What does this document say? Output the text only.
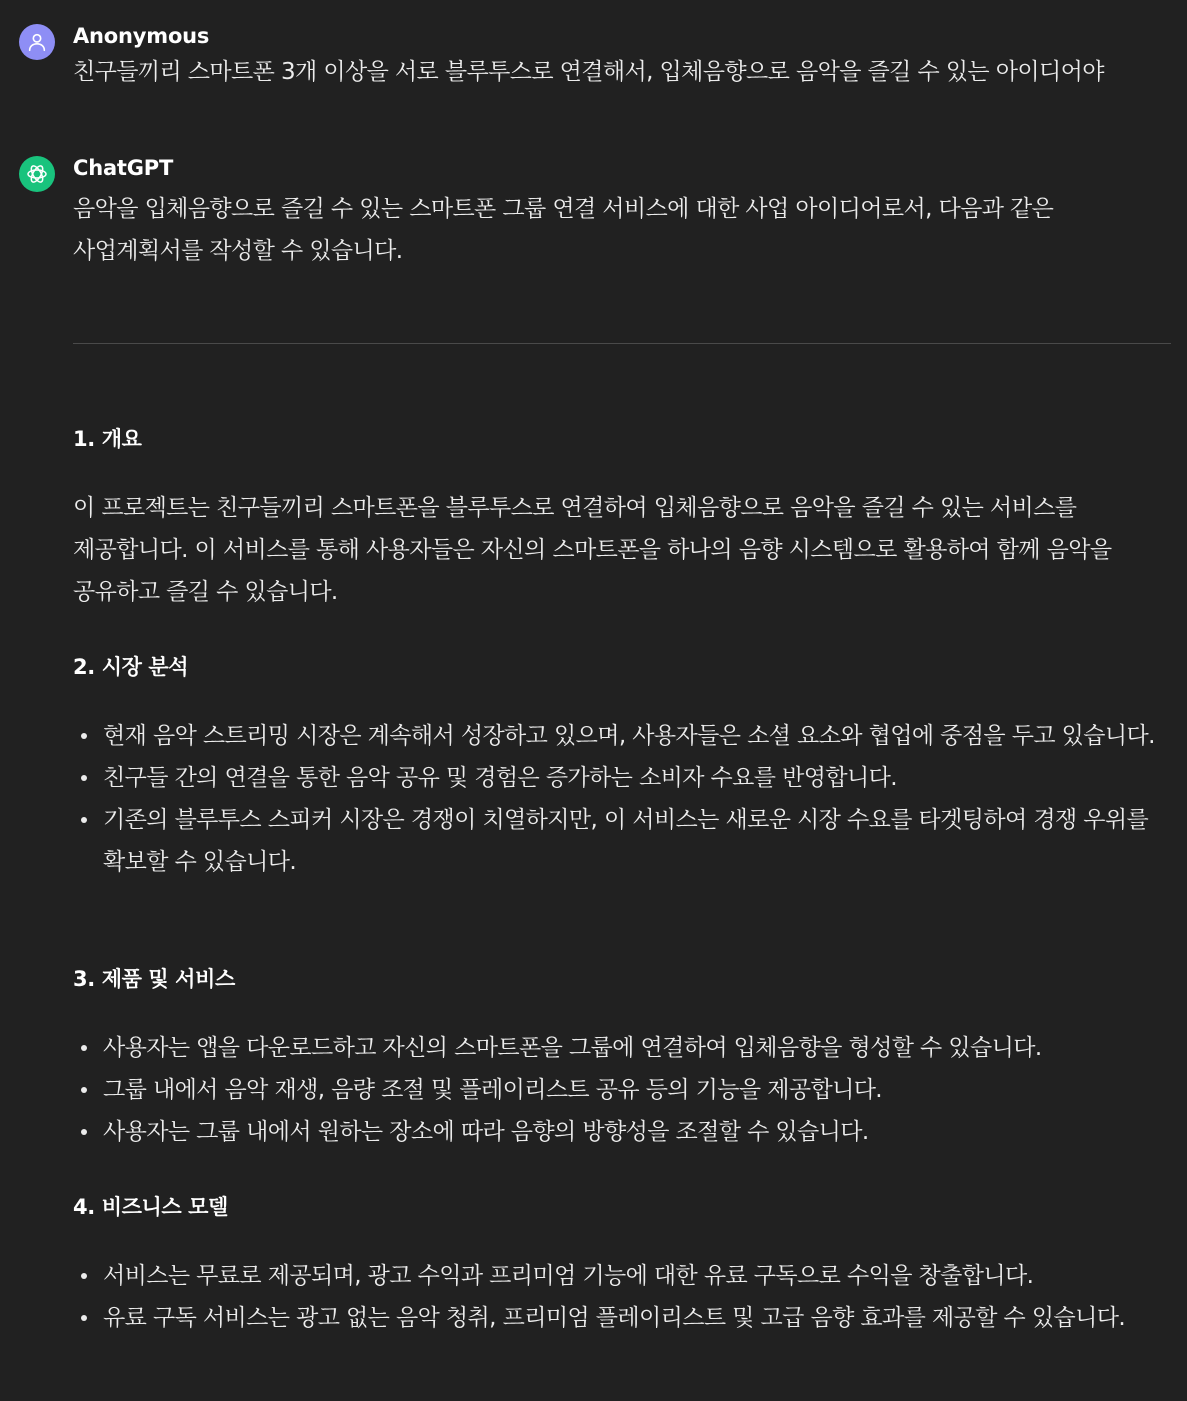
Anonymous
친구들끼리 스마트폰 3개 이상을 서로 블루투스로 연결해서, 입체음향으로 음악을 즐길 수 있는 아이디어야
ChatGPT
음악을 입체음향으로 즐길 수 있는 스마트폰 그룹 연결 서비스에 대한 사업 아이디어로서, 다음과 같은 사업계획서를 작성할 수 있습니다.
1. 개요
이 프로젝트는 친구들끼리 스마트폰을 블루투스로 연결하여 입체음향으로 음악을 즐길 수 있는 서비스를 제공합니다. 이 서비스를 통해 사용자들은 자신의 스마트폰을 하나의 음향 시스템으로 활용하여 함께 음악을 공유하고 즐길 수 있습니다.
2. 시장 분석
현재 음악 스트리밍 시장은 계속해서 성장하고 있으며, 사용자들은 소셜 요소와 협업에 중점을 두고 있습니다.
친구들 간의 연결을 통한 음악 공유 및 경험은 증가하는 소비자 수요를 반영합니다.
기존의 블루투스 스피커 시장은 경쟁이 치열하지만, 이 서비스는 새로운 시장 수요를 타겟팅하여 경쟁 우위를 확보할 수 있습니다.
3. 제품 및 서비스
사용자는 앱을 다운로드하고 자신의 스마트폰을 그룹에 연결하여 입체음향을 형성할 수 있습니다.
그룹 내에서 음악 재생, 음량 조절 및 플레이리스트 공유 등의 기능을 제공합니다.
사용자는 그룹 내에서 원하는 장소에 따라 음향의 방향성을 조절할 수 있습니다.
4. 비즈니스 모델
서비스는 무료로 제공되며, 광고 수익과 프리미엄 기능에 대한 유료 구독으로 수익을 창출합니다.
유료 구독 서비스는 광고 없는 음악 청취, 프리미엄 플레이리스트 및 고급 음향 효과를 제공할 수 있습니다.
